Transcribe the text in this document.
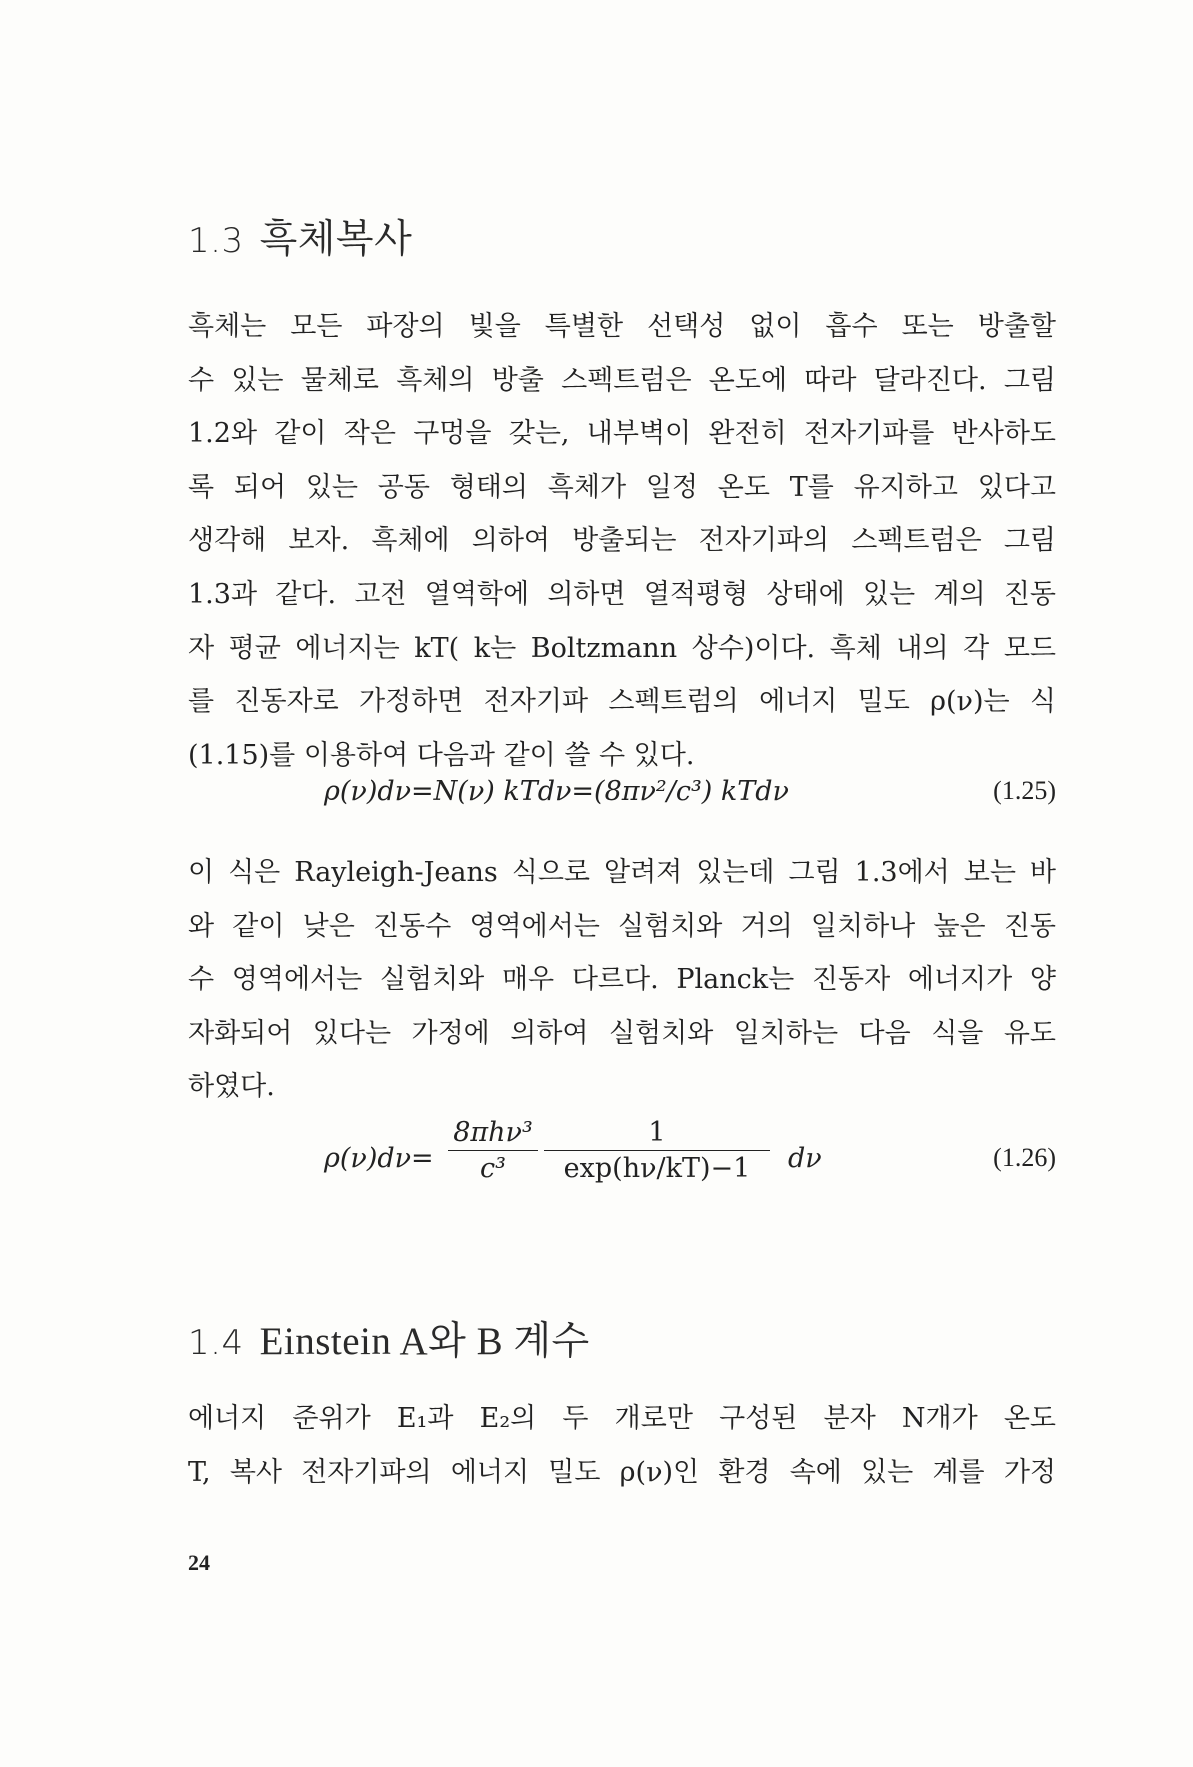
1.3 흑체복사
흑체는 모든 파장의 빛을 특별한 선택성 없이 흡수 또는 방출할
수 있는 물체로 흑체의 방출 스펙트럼은 온도에 따라 달라진다. 그림
1.2와 같이 작은 구멍을 갖는, 내부벽이 완전히 전자기파를 반사하도
록 되어 있는 공동 형태의 흑체가 일정 온도 T를 유지하고 있다고
생각해 보자. 흑체에 의하여 방출되는 전자기파의 스펙트럼은 그림
1.3과 같다. 고전 열역학에 의하면 열적평형 상태에 있는 계의 진동
자 평균 에너지는 kT( k는 Boltzmann 상수)이다. 흑체 내의 각 모드
를 진동자로 가정하면 전자기파 스펙트럼의 에너지 밀도 ρ(ν)는 식
(1.15)를 이용하여 다음과 같이 쓸 수 있다.
ρ(ν)dν=N(ν) kTdν=(8πν²/c³) kTdν	(1.25)
이 식은 Rayleigh-Jeans 식으로 알려져 있는데 그림 1.3에서 보는 바
와 같이 낮은 진동수 영역에서는 실험치와 거의 일치하나 높은 진동
수 영역에서는 실험치와 매우 다르다. Planck는 진동자 에너지가 양
자화되어 있다는 가정에 의하여 실험치와 일치하는 다음 식을 유도
하였다.
ρ(ν)dν=
8πhν³
c³	$\frac{1}{\exp(h\nu/kT)-1}$ dν	(1.26)
1.4 Einstein A와 B 계수
에너지 준위가 E₁과 E₂의 두 개로만 구성된 분자 N개가 온도
T, 복사 전자기파의 에너지 밀도 ρ(ν)인 환경 속에 있는 계를 가정
24
